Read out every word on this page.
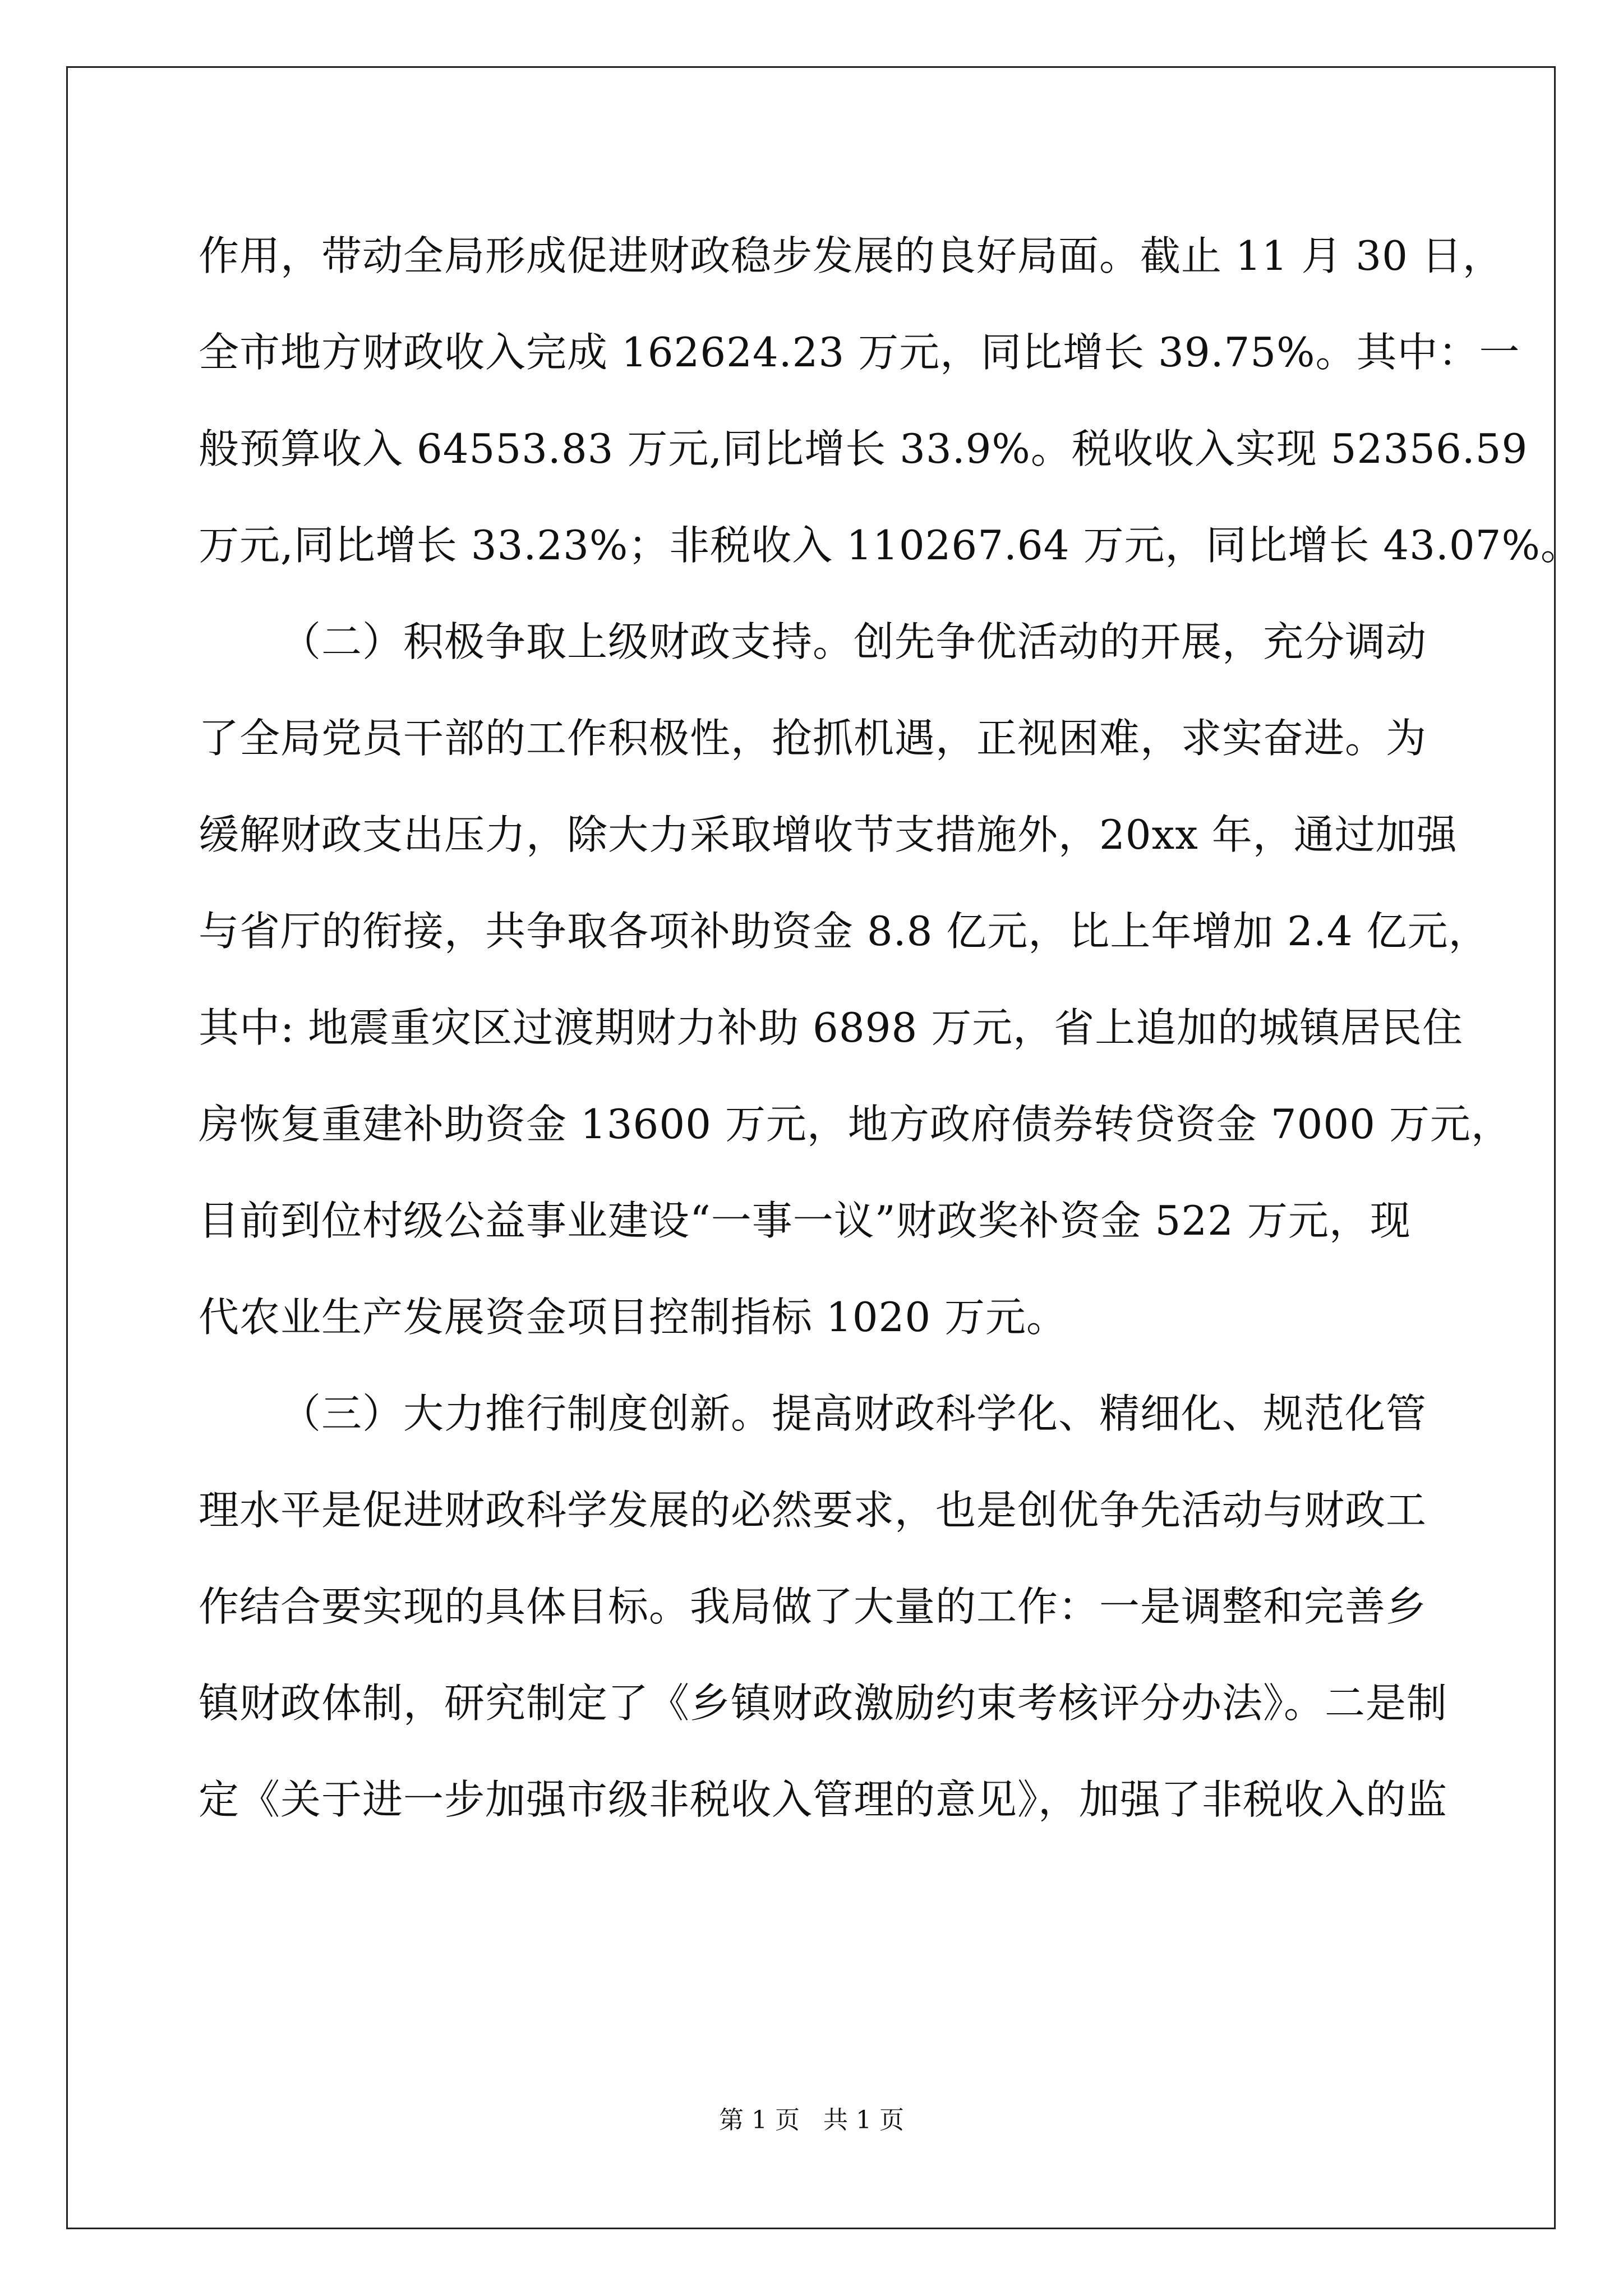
作用，带动全局形成促进财政稳步发展的良好局面。截止 11 月 30 日，
全市地方财政收入完成 162624.23 万元，同比增长 39.75%。其中：一
般预算收入 64553.83 万元,同比增长 33.9%。税收收入实现 52356.59
万元,同比增长 33.23%；非税收入 110267.64 万元，同比增长 43.07%。
（二）积极争取上级财政支持。创先争优活动的开展，充分调动
了全局党员干部的工作积极性，抢抓机遇，正视困难，求实奋进。为
缓解财政支出压力，除大力采取增收节支措施外，20xx 年，通过加强
与省厅的衔接，共争取各项补助资金 8.8 亿元，比上年增加 2.4 亿元，
其中: 地震重灾区过渡期财力补助 6898 万元，省上追加的城镇居民住
房恢复重建补助资金 13600 万元，地方政府债券转贷资金 7000 万元，
目前到位村级公益事业建设“一事一议”财政奖补资金 522 万元，现
代农业生产发展资金项目控制指标 1020 万元。
（三）大力推行制度创新。提高财政科学化、精细化、规范化管
理水平是促进财政科学发展的必然要求，也是创优争先活动与财政工
作结合要实现的具体目标。我局做了大量的工作：一是调整和完善乡
镇财政体制，研究制定了《乡镇财政激励约束考核评分办法》。二是制
定《关于进一步加强市级非税收入管理的意见》，加强了非税收入的监
第 1 页   共 1 页
